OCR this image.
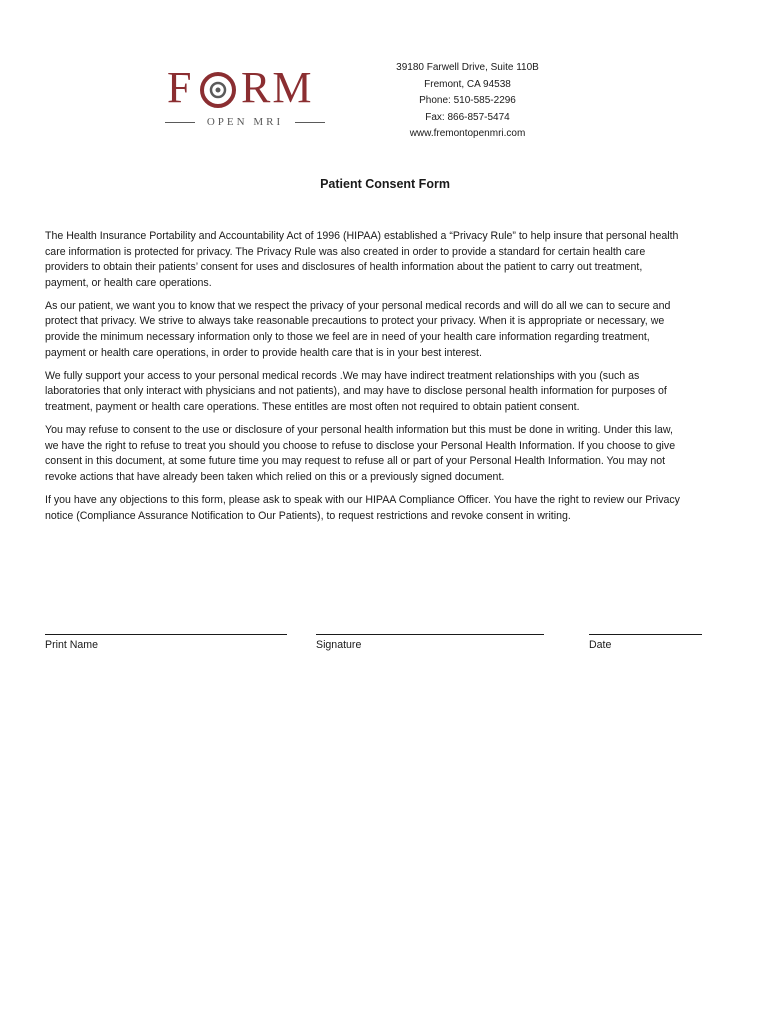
F RM
OPEN MRI
39180 Farwell Drive, Suite 110B
Fremont, CA 94538
Phone: 510-585-2296
Fax: 866-857-5474
www.fremontopenmri.com
Patient Consent Form

The Health Insurance Portability and Accountability Act of 1996 (HIPAA) established a “Privacy Rule” to help insure that personal health care information is protected for privacy. The Privacy Rule was also created in order to provide a standard for certain health care providers to obtain their patients’ consent for uses and disclosures of health information about the patient to carry out treatment, payment, or health care operations.

As our patient, we want you to know that we respect the privacy of your personal medical records and will do all we can to secure and protect that privacy. We strive to always take reasonable precautions to protect your privacy. When it is appropriate or necessary, we provide the minimum necessary information only to those we feel are in need of your health care information regarding treatment, payment or health care operations, in order to provide health care that is in your best interest.

We fully support your access to your personal medical records .We may have indirect treatment relationships with you (such as laboratories that only interact with physicians and not patients), and may have to disclose personal health information for purposes of treatment, payment or health care operations. These entitles are most often not required to obtain patient consent.

You may refuse to consent to the use or disclosure of your personal health information but this must be done in writing. Under this law, we have the right to refuse to treat you should you choose to refuse to disclose your Personal Health Information. If you choose to give consent in this document, at some future time you may request to refuse all or part of your Personal Health Information. You may not revoke actions that have already been taken which relied on this or a previously signed document.

If you have any objections to this form, please ask to speak with our HIPAA Compliance Officer. You have the right to review our Privacy notice (Compliance Assurance Notification to Our Patients), to request restrictions and revoke consent in writing.

Print Name	Signature	Date
